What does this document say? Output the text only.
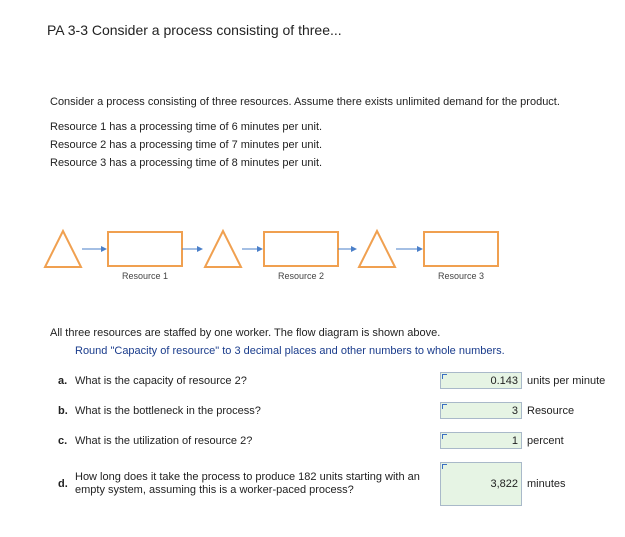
PA 3-3 Consider a process consisting of three...
Consider a process consisting of three resources. Assume there exists unlimited demand for the product.
Resource 1 has a processing time of 6 minutes per unit.
Resource 2 has a processing time of 7 minutes per unit.
Resource 3 has a processing time of 8 minutes per unit.
Resource 1	Resource 2	Resource 3
All three resources are staffed by one worker. The flow diagram is shown above.
Round "Capacity of resource" to 3 decimal places and other numbers to whole numbers.
a. What is the capacity of resource 2?	0.143 units per minute
b. What is the bottleneck in the process?	3 Resource
c. What is the utilization of resource 2?	1 percent
d.
How long does it take the process to produce 182 units starting with an empty system, assuming this is a worker-paced process?	3,822 minutes
